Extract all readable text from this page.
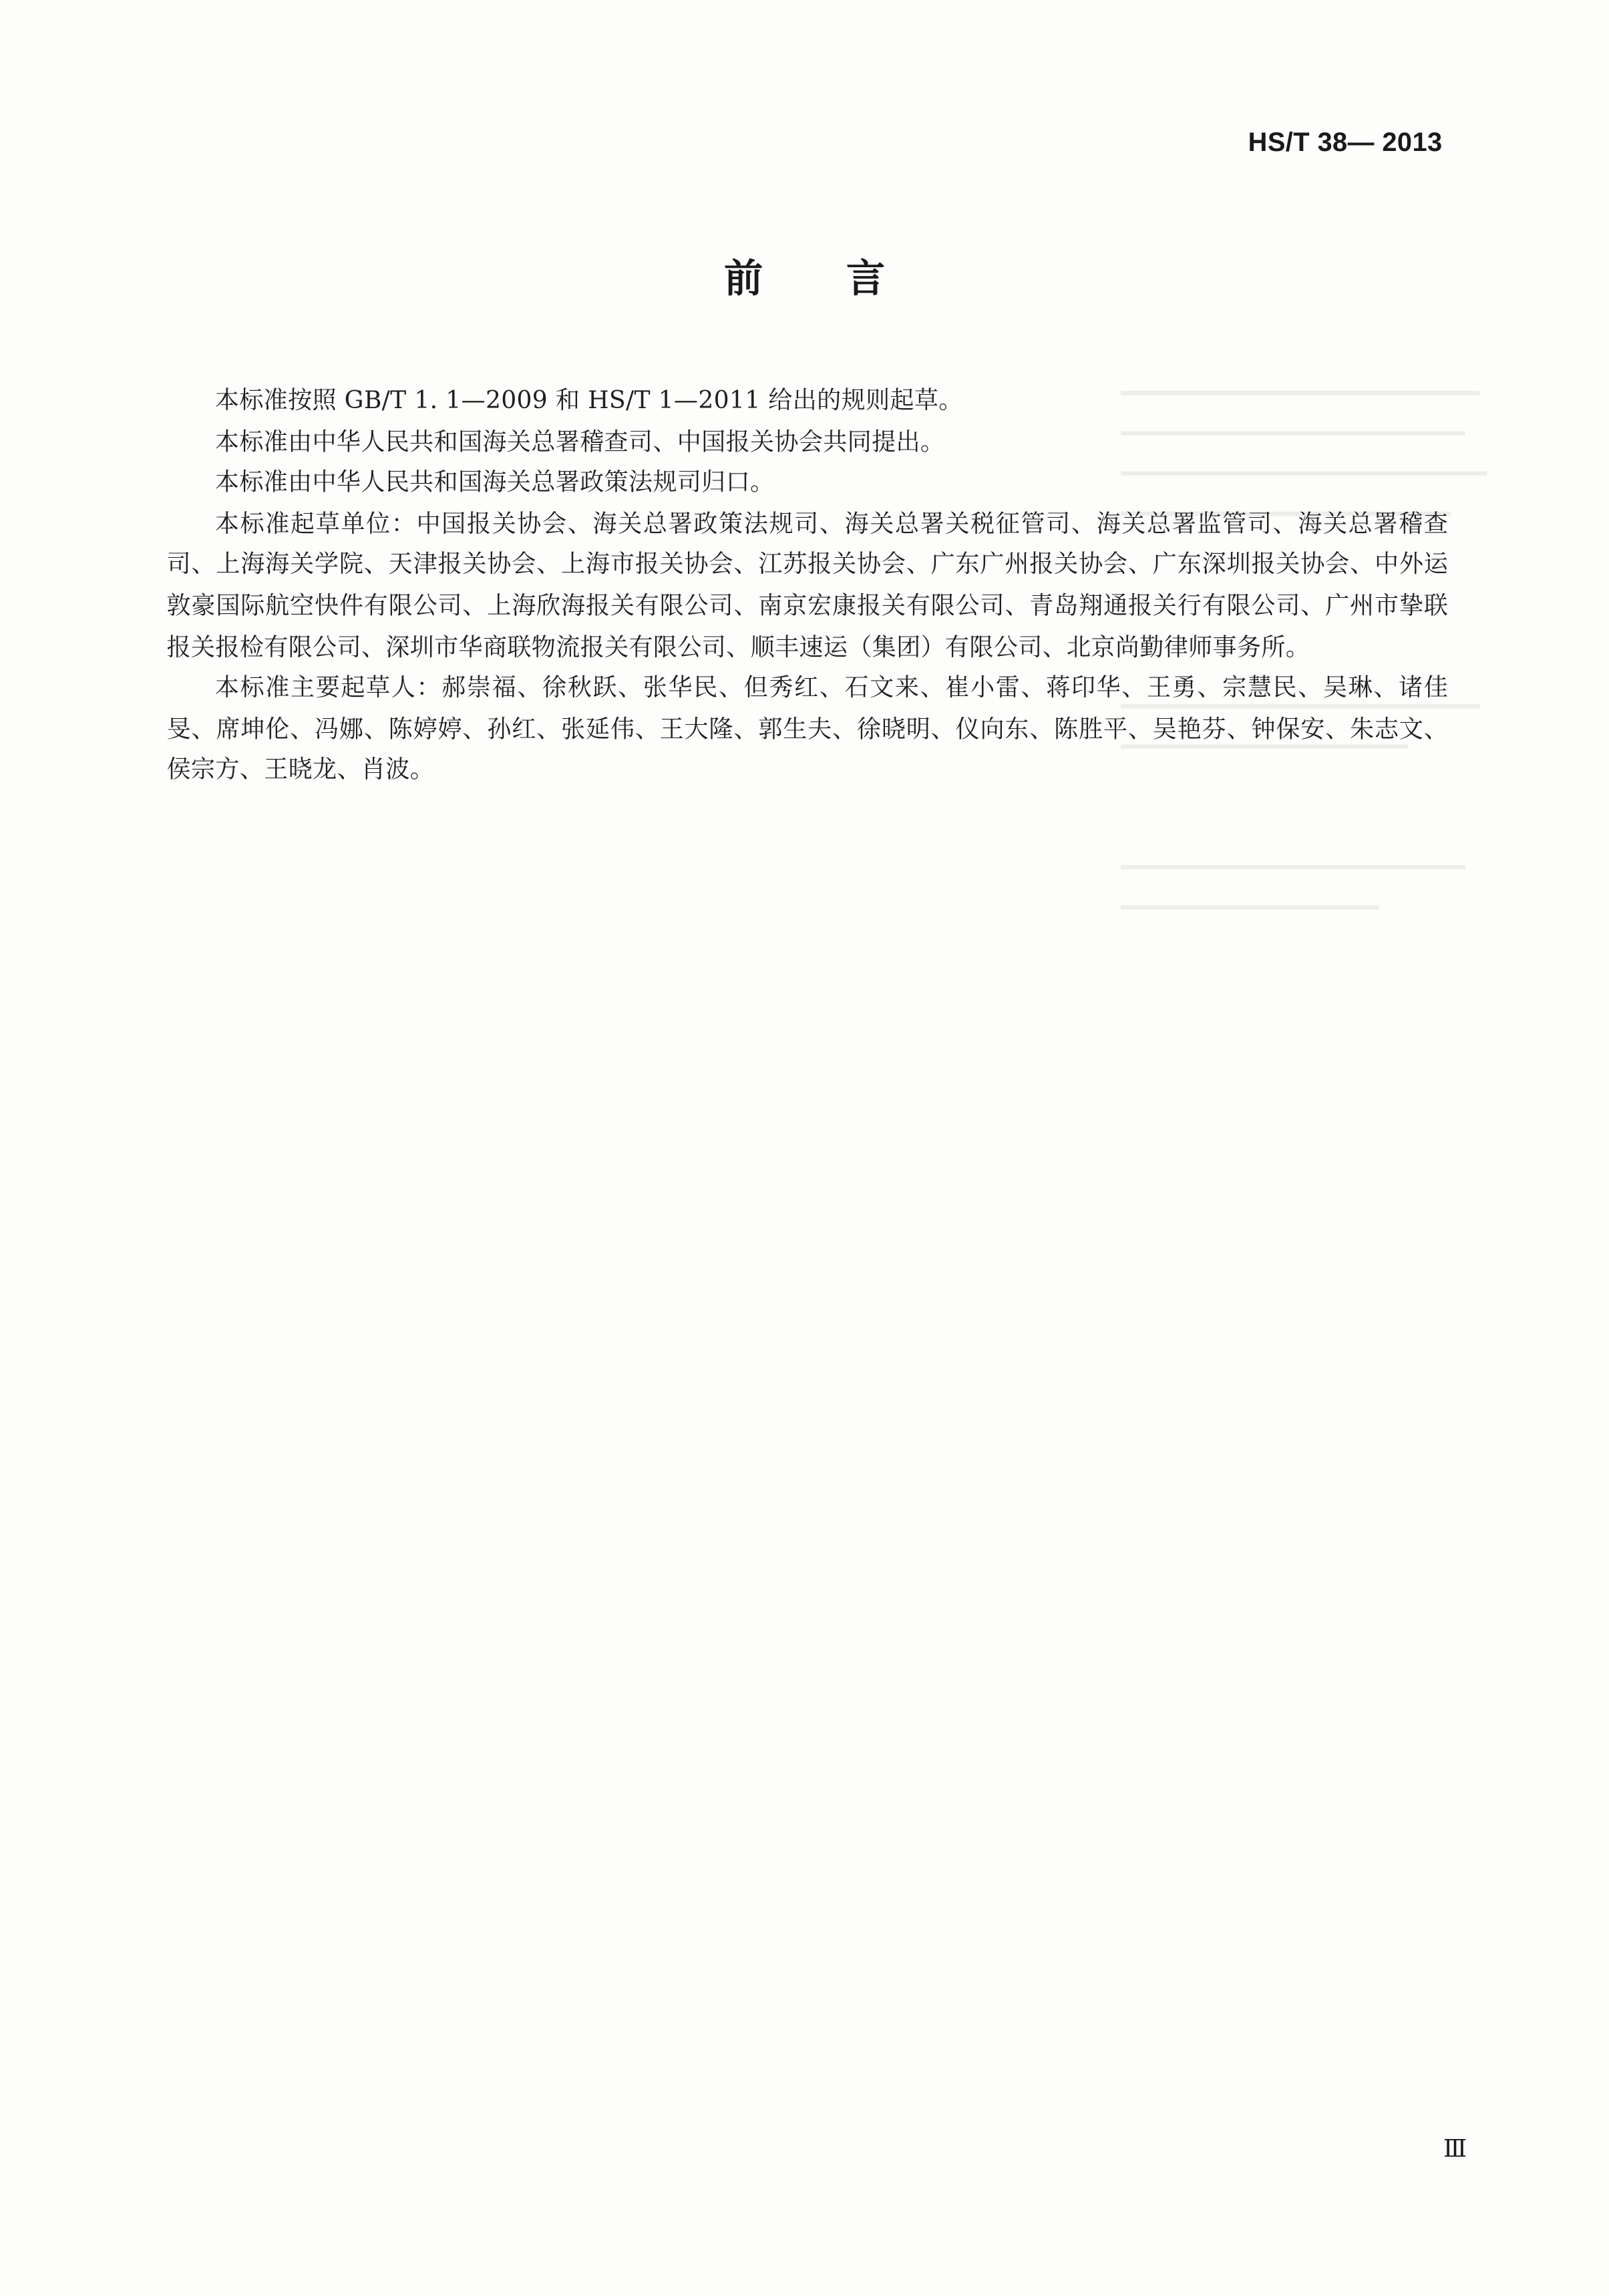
HS/T 38— 2013
前言

本标准按照 GB/T 1. 1—2009 和 HS/T 1—2011 给出的规则起草。

本标准由中华人民共和国海关总署稽查司、中国报关协会共同提出。

本标准由中华人民共和国海关总署政策法规司归口。

本标准起草单位：中国报关协会、海关总署政策法规司、海关总署关税征管司、海关总署监管司、海关总署稽查司、上海海关学院、天津报关协会、上海市报关协会、江苏报关协会、广东广州报关协会、广东深圳报关协会、中外运敦豪国际航空快件有限公司、上海欣海报关有限公司、南京宏康报关有限公司、青岛翔通报关行有限公司、广州市挚联报关报检有限公司、深圳市华商联物流报关有限公司、顺丰速运（集团）有限公司、北京尚勤律师事务所。

本标准主要起草人：郝崇福、徐秋跃、张华民、但秀红、石文来、崔小雷、蒋印华、王勇、宗慧民、吴琳、诸佳旻、席坤伦、冯娜、陈婷婷、孙红、张延伟、王大隆、郭生夫、徐晓明、仪向东、陈胜平、吴艳芬、钟保安、朱志文、侯宗方、王晓龙、肖波。

Ⅲ
